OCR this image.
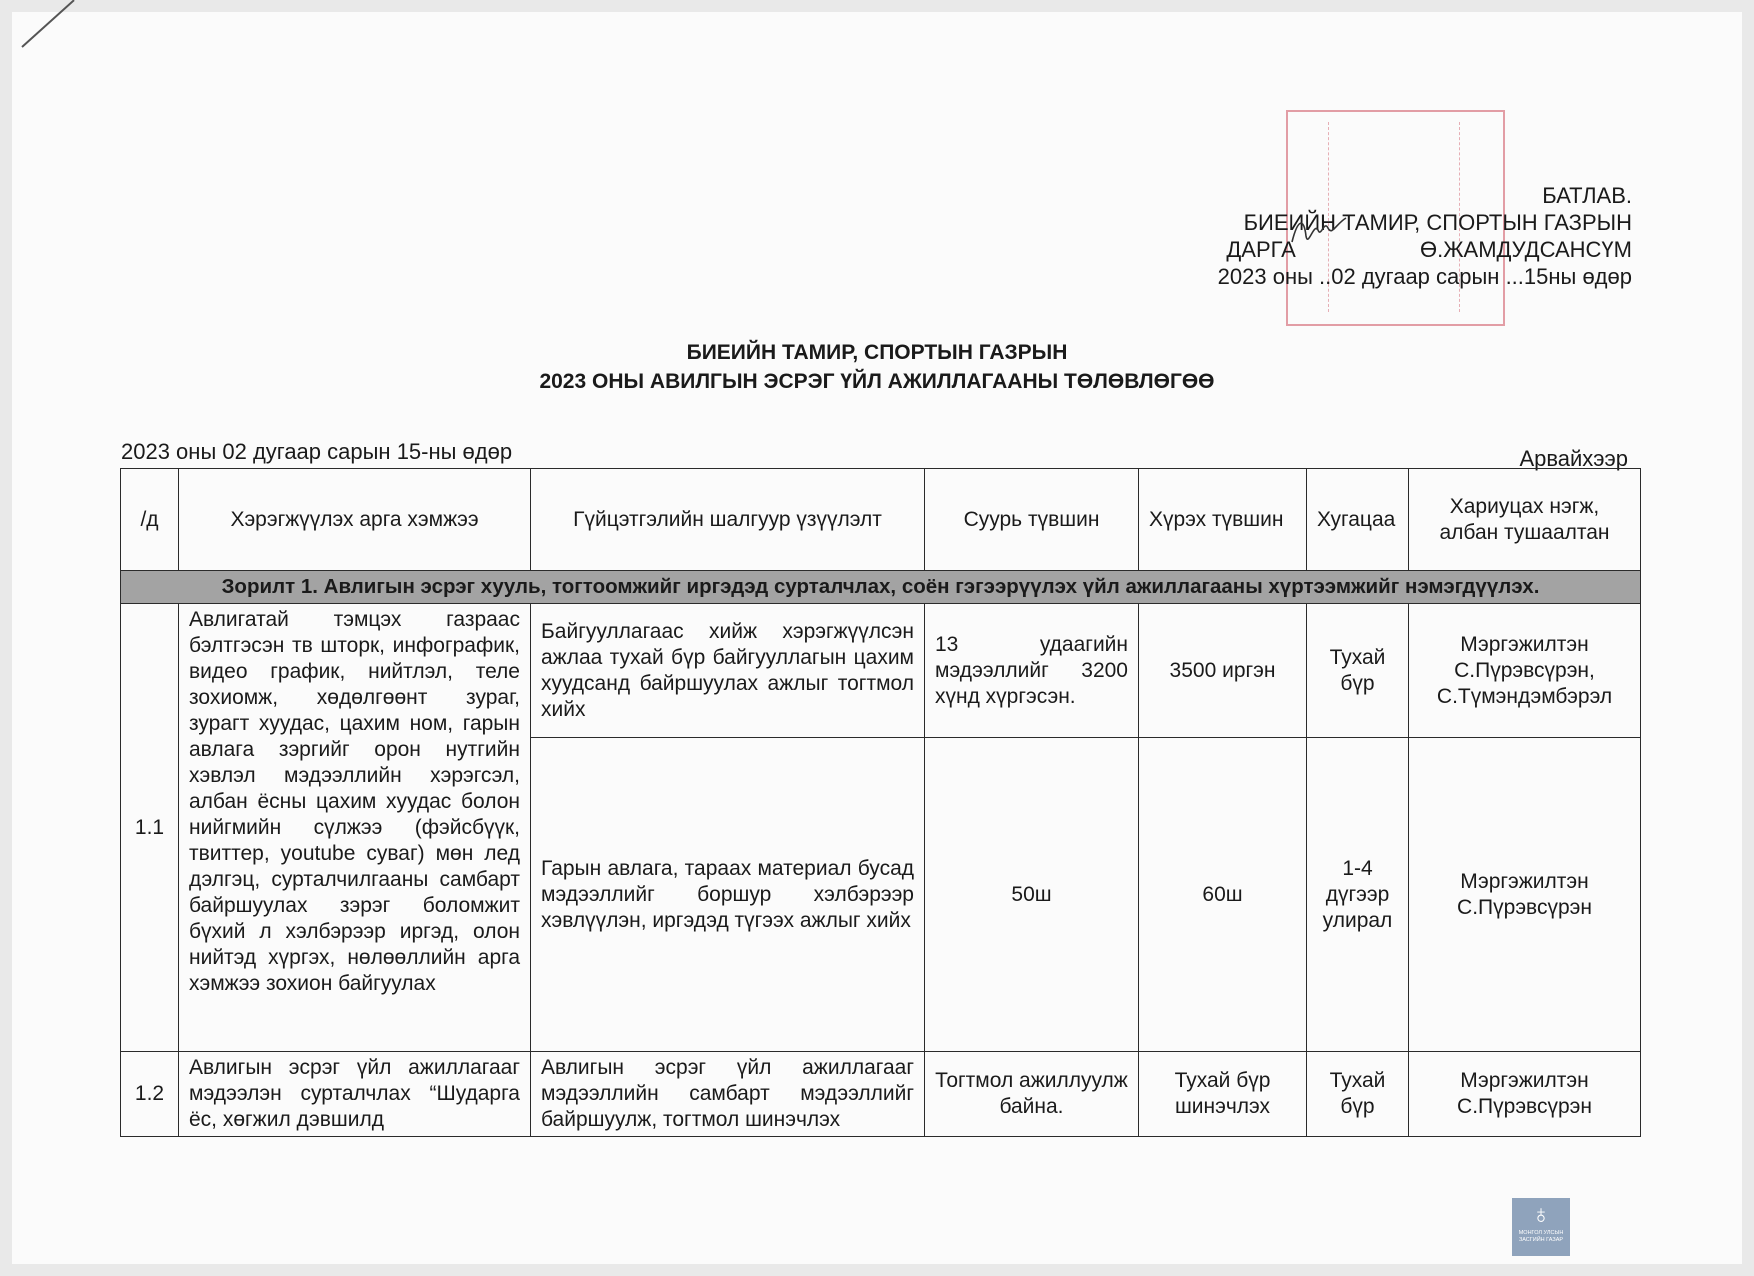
БАТЛАВ.
БИЕИЙН ТАМИР, СПОРТЫН ГАЗРЫН
ДАРГА	Ө.ЖАМДУДСАНСҮМ
2023 оны ..02 дугаар сарын ...15ны өдөр
БИЕИЙН ТАМИР, СПОРТЫН ГАЗРЫН
2023 ОНЫ АВИЛГЫН ЭСРЭГ ҮЙЛ АЖИЛЛАГААНЫ ТӨЛӨВЛӨГӨӨ
2023 оны 02 дугаар сарын 15-ны өдөр	Арвайхээр
/д	Хэрэгжүүлэх арга хэмжээ	Гүйцэтгэлийн шалгуур үзүүлэлт	Суурь түвшин	Хүрэх түвшин	Хугацаа	Хариуцах нэгж, албан тушаалтан
Зорилт 1. Авлигын эсрэг хууль, тогтоомжийг иргэдэд сурталчлах, соён гэгээрүүлэх үйл ажиллагааны хүртээмжийг нэмэгдүүлэх.						
1.1	Авлигатай тэмцэх газраас бэлтгэсэн тв шторк, инфографик, видео график, нийтлэл, теле зохиомж, хөдөлгөөнт зураг, зурагт хуудас, цахим ном, гарын авлага зэргийг орон нутгийн хэвлэл мэдээллийн хэрэгсэл, албан ёсны цахим хуудас болон нийгмийн сүлжээ (фэйсбүүк, твиттер, youtube суваг) мөн лед дэлгэц, сурталчилгааны самбарт байршуулах зэрэг боломжит бүхий л хэлбэрээр иргэд, олон нийтэд хүргэх, нөлөөллийн арга хэмжээ зохион байгуулах	Байгууллагаас хийж хэрэгжүүлсэн ажлаа тухай бүр байгууллагын цахим хуудсанд байршуулах ажлыг тогтмол хийх	13 удаагийн мэдээллийг 3200 хүнд хүргэсэн.	3500 иргэн	Тухай бүр	Мэргэжилтэн С.Пүрэвсүрэн, С.Түмэндэмбэрэл
		Гарын авлага, тараах материал бусад мэдээллийг боршур хэлбэрээр хэвлүүлэн, иргэдэд түгээх ажлыг хийх	50ш	60ш	1-4 дүгээр улирал	Мэргэжилтэн С.Пүрэвсүрэн
1.2	Авлигын эсрэг үйл ажиллагааг мэдээлэн сурталчлах “Шударга ёс, хөгжил дэвшилд	Авлигын эсрэг үйл ажиллагааг мэдээллийн самбарт мэдээллийг байршуулж, тогтмол шинэчлэх	Тогтмол ажиллуулж байна.	Тухай бүр шинэчлэх	Тухай бүр	Мэргэжилтэн С.Пүрэвсүрэн
♁
МОНГОЛ УЛСЫН ЗАСГИЙН ГАЗАР
